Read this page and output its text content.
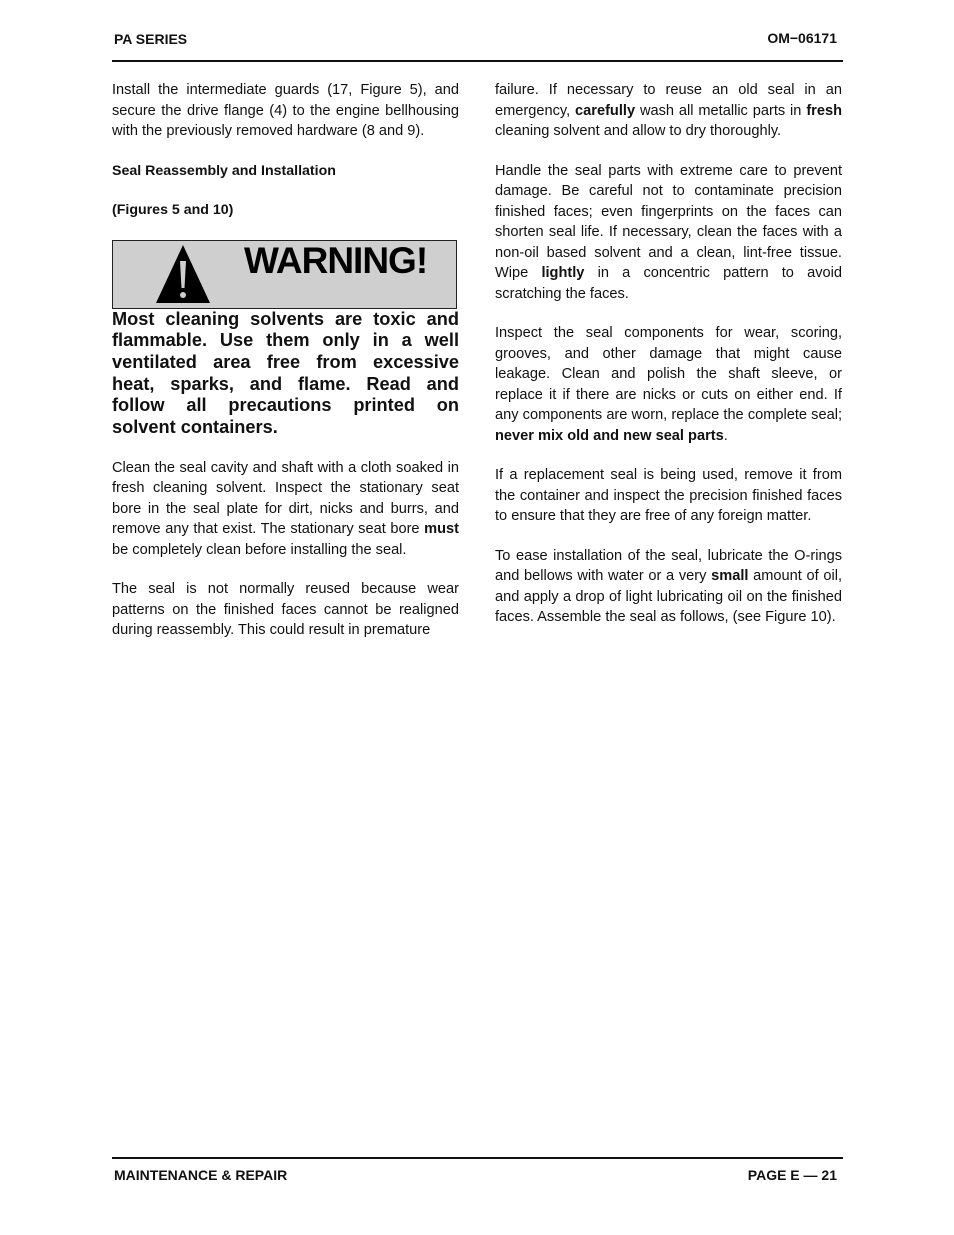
PA SERIES	OM−06171

Install the intermediate guards (17, Figure 5), and secure the drive flange (4) to the engine bellhousing with the previously removed hardware (8 and 9).

Seal Reassembly and Installation

(Figures 5 and 10)

WARNING!

Most cleaning solvents are toxic and flammable. Use them only in a well ventilated area free from excessive heat, sparks, and flame. Read and follow all precautions printed on solvent containers.

Clean the seal cavity and shaft with a cloth soaked in fresh cleaning solvent. Inspect the stationary seat bore in the seal plate for dirt, nicks and burrs, and remove any that exist. The stationary seat bore must be completely clean before installing the seal.

The seal is not normally reused because wear patterns on the finished faces cannot be realigned during reassembly. This could result in premature

failure. If necessary to reuse an old seal in an emergency, carefully wash all metallic parts in fresh cleaning solvent and allow to dry thoroughly.

Handle the seal parts with extreme care to prevent damage. Be careful not to contaminate precision finished faces; even fingerprints on the faces can shorten seal life. If necessary, clean the faces with a non-oil based solvent and a clean, lint-free tissue. Wipe lightly in a concentric pattern to avoid scratching the faces.

Inspect the seal components for wear, scoring, grooves, and other damage that might cause leakage. Clean and polish the shaft sleeve, or replace it if there are nicks or cuts on either end. If any components are worn, replace the complete seal; never mix old and new seal parts.

If a replacement seal is being used, remove it from the container and inspect the precision finished faces to ensure that they are free of any foreign matter.

To ease installation of the seal, lubricate the O-rings and bellows with water or a very small amount of oil, and apply a drop of light lubricating oil on the finished faces. Assemble the seal as follows, (see Figure 10).

MAINTENANCE & REPAIR	PAGE E — 21
